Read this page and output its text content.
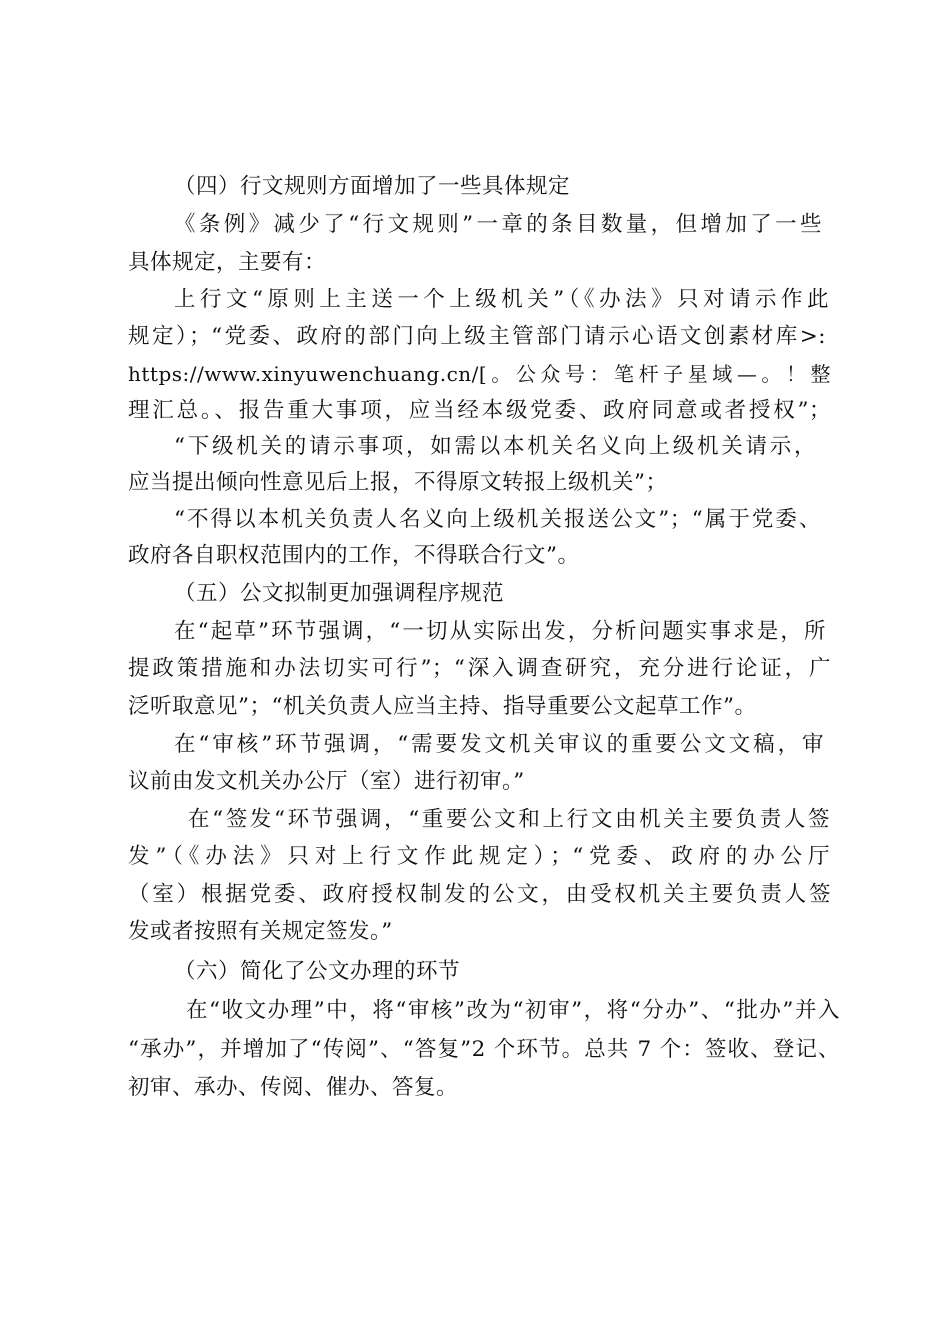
（四）行文规则方面增加了一些具体规定
《条例》减少了“行文规则”一章的条目数量，但增加了一些
具体规定，主要有：
上行文“原则上主送一个上级机关”（《办法》只对请示作此
规定）；“党委、政府的部门向上级主管部门请示心语文创素材库>:
https://www.xinyuwenchuang.cn/[。公众号：笔杆子星域—。！整
理汇总。、报告重大事项，应当经本级党委、政府同意或者授权”；
“下级机关的请示事项，如需以本机关名义向上级机关请示，
应当提出倾向性意见后上报，不得原文转报上级机关”；
“不得以本机关负责人名义向上级机关报送公文”；“属于党委、
政府各自职权范围内的工作，不得联合行文”。
（五）公文拟制更加强调程序规范
在“起草”环节强调，“一切从实际出发，分析问题实事求是，所
提政策措施和办法切实可行”；“深入调查研究，充分进行论证，广
泛听取意见”；“机关负责人应当主持、指导重要公文起草工作”。
在“审核”环节强调，“需要发文机关审议的重要公文文稿，审
议前由发文机关办公厅（室）进行初审。”
在“签发“环节强调，“重要公文和上行文由机关主要负责人签
发”（《办法》只对上行文作此规定）；“党委、政府的办公厅
（室）根据党委、政府授权制发的公文，由受权机关主要负责人签
发或者按照有关规定签发。”
（六）简化了公文办理的环节
在“收文办理”中，将“审核”改为“初审”，将“分办”、“批办”并入
“承办”，并增加了“传阅”、“答复”2 个环节。总共 7 个：签收、登记、
初审、承办、传阅、催办、答复。
